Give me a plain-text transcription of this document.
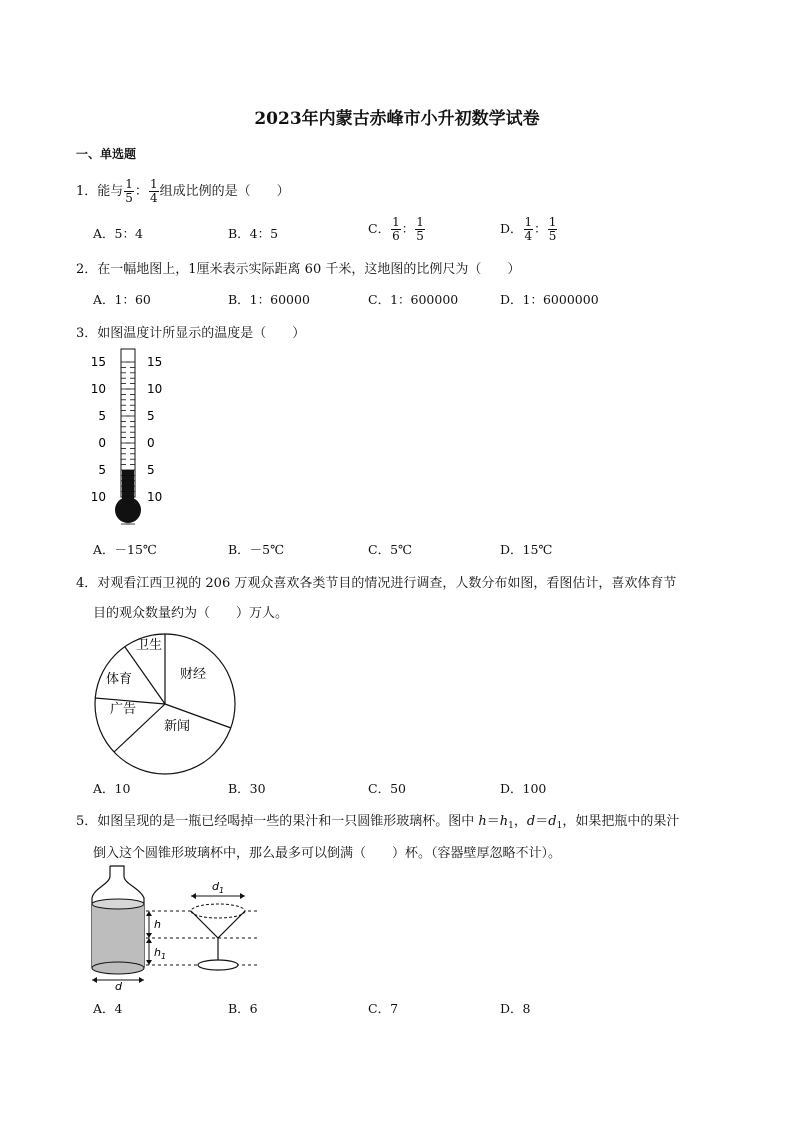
2023年内蒙古赤峰市小升初数学试卷
一、单选题
1．能与 $\frac{1}{5}$ ： $\frac{1}{4}$ 组成比例的是（　　）
A．5：4	B．4：5	C． $\frac{1}{6}$ ： $\frac{1}{5}$	D． $\frac{1}{4}$ ： $\frac{1}{5}$
2．在一幅地图上，1厘米表示实际距离 60 千米，这地图的比例尺为（　　）
A．1：60	B．1：60000	C．1：600000	D．1：6000000
3．如图温度计所显示的温度是（　　）
15
10
5
0
5
10
15
10
5
0
5
10
A．－15℃	B．－5℃	C．5℃	D．15℃
4．对观看江西卫视的 206 万观众喜欢各类节目的情况进行调查，人数分布如图，看图估计，喜欢体育节
目的观众数量约为（　　）万人。
卫生
财经
体育
广告
新闻
A．10	B．30	C．50	D．100
5．如图呈现的是一瓶已经喝掉一些的果汁和一只圆锥形玻璃杯。图中 $h=h_1$，$d=d_1$，如果把瓶中的果汁
倒入这个圆锥形玻璃杯中，那么最多可以倒满（　　）杯。（容器壁厚忽略不计）。
d
h
$h_1$
$d_1$
A．4	B．6	C．7	D．8
